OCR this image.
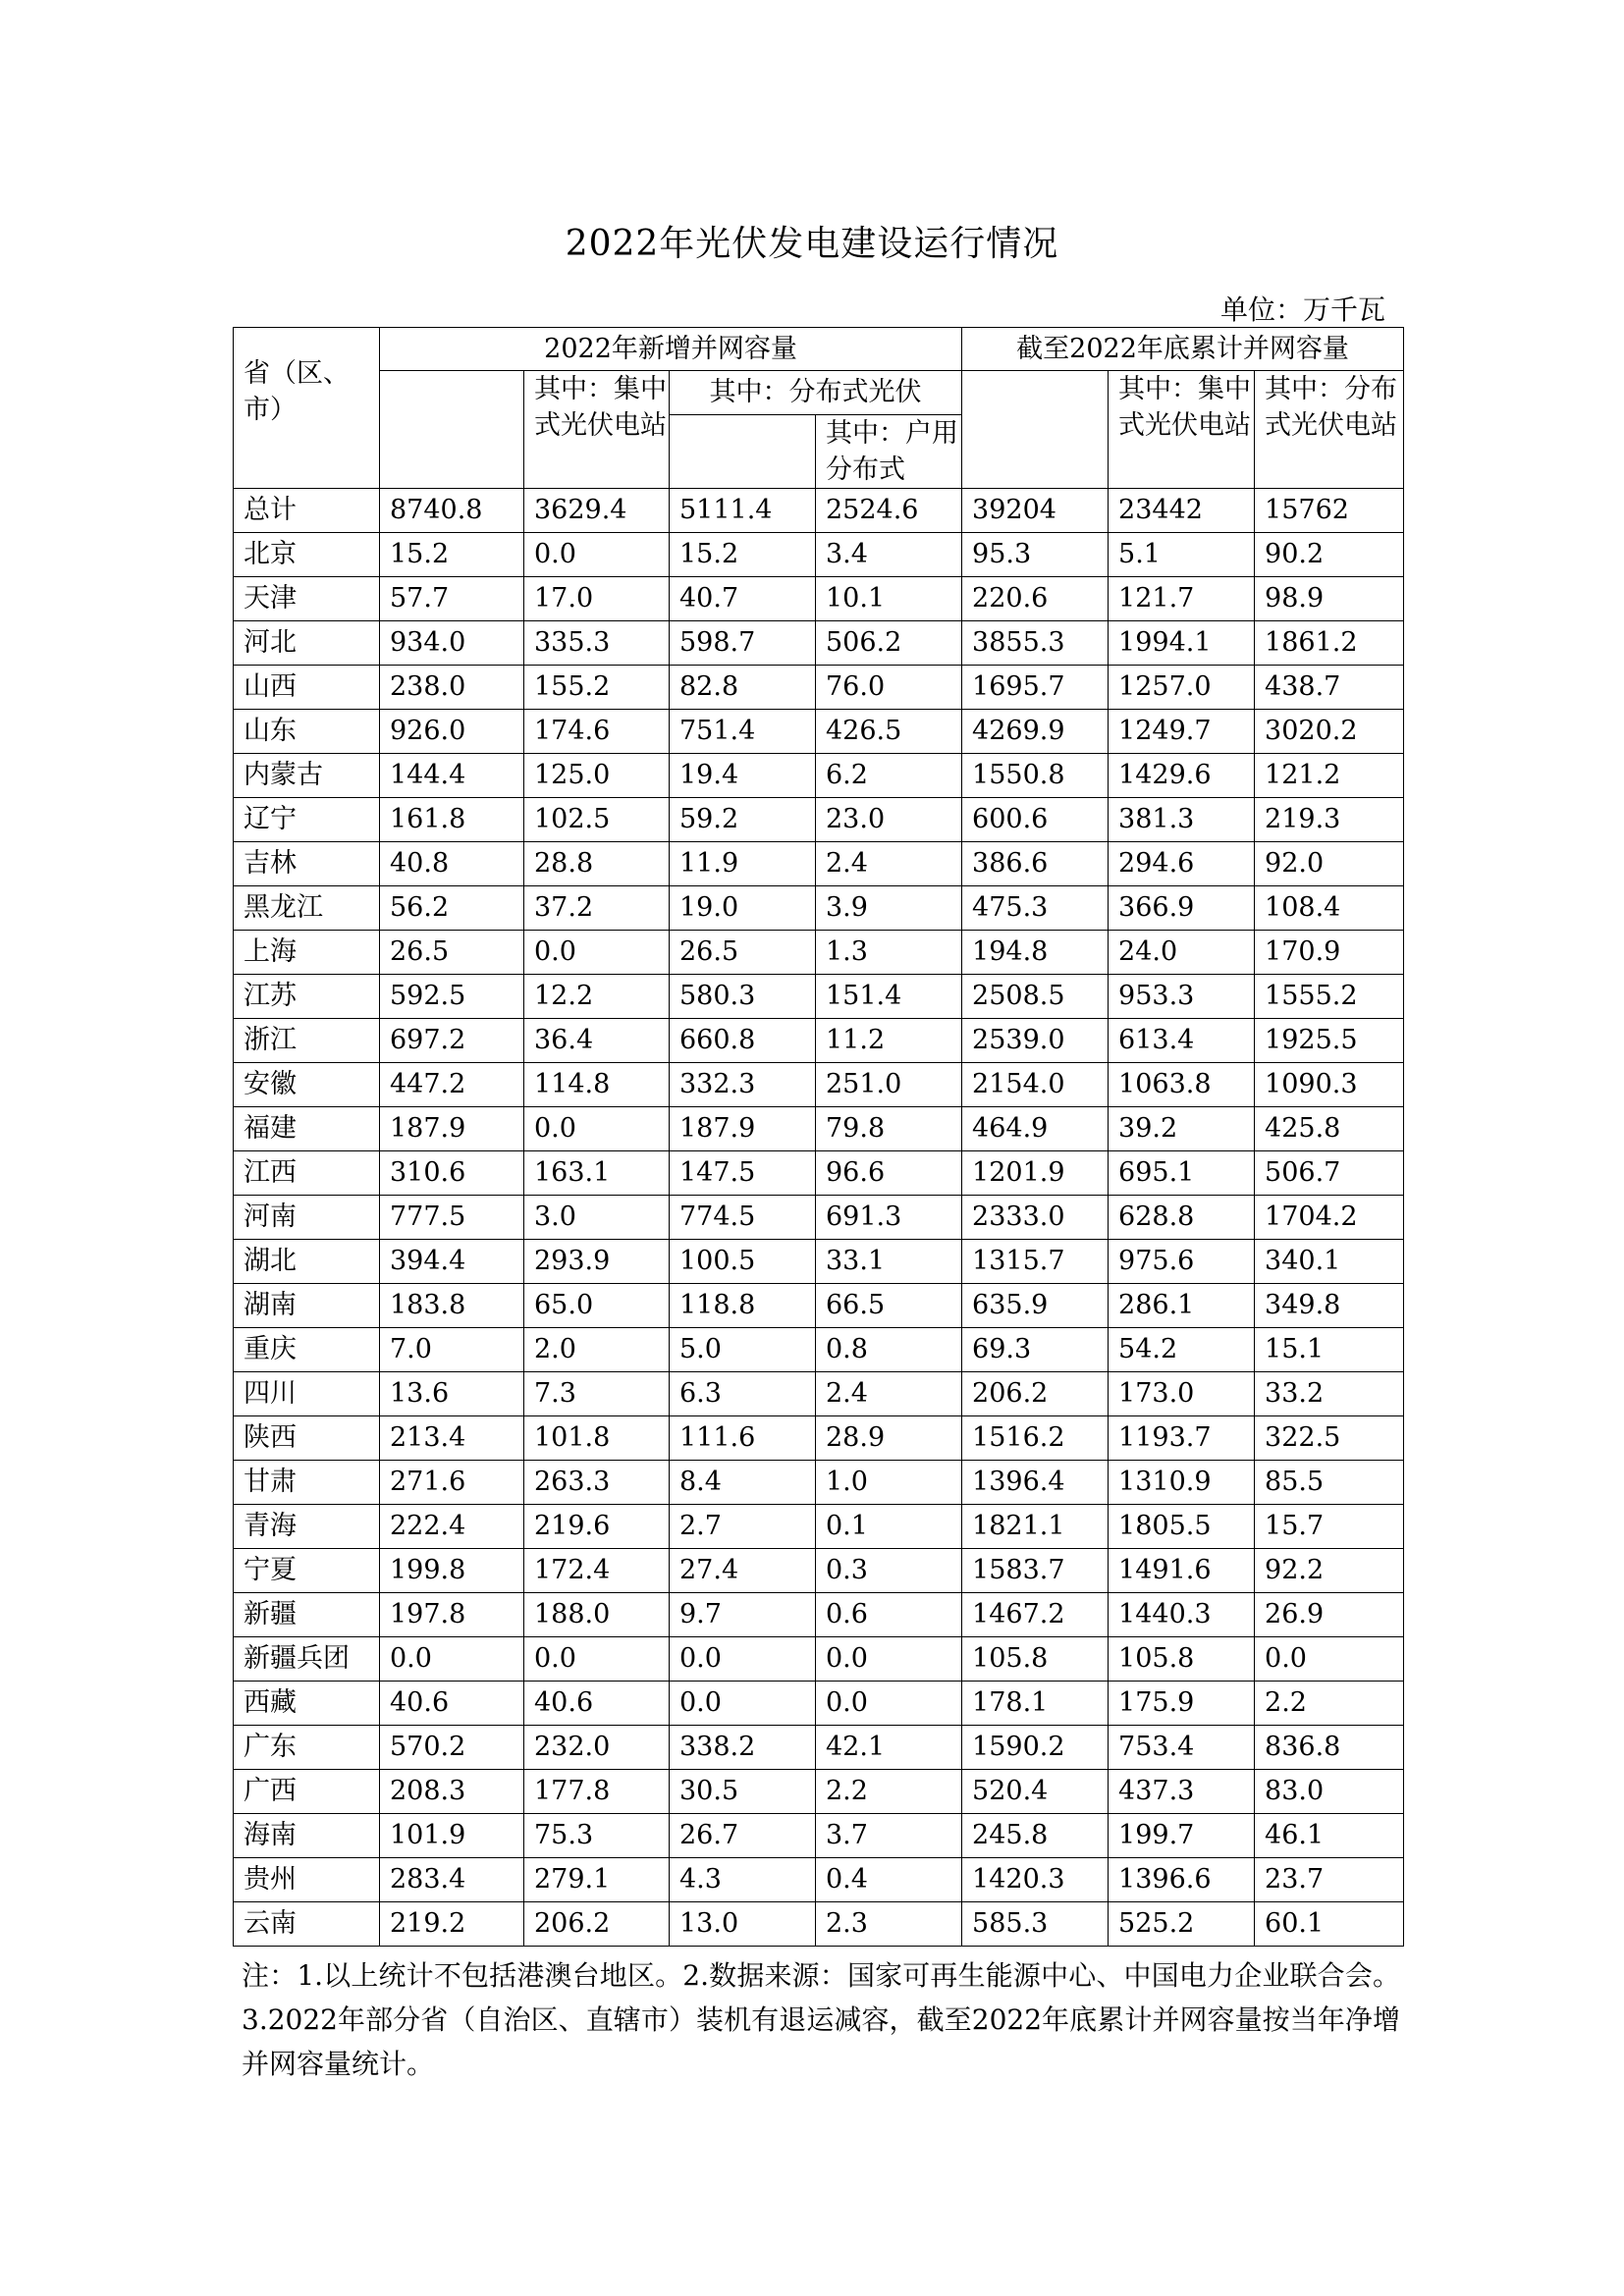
2022年光伏发电建设运行情况
单位：万千瓦
省（区、市）	2022年新增并网容量				截至2022年底累计并网容量		
		其中：集中式光伏电站	其中：分布式光伏			其中：集中式光伏电站	其中：分布式光伏电站
				其中：户用分布式			
总计	8740.8	3629.4	5111.4	2524.6	39204	23442	15762
北京	15.2	0.0	15.2	3.4	95.3	5.1	90.2
天津	57.7	17.0	40.7	10.1	220.6	121.7	98.9
河北	934.0	335.3	598.7	506.2	3855.3	1994.1	1861.2
山西	238.0	155.2	82.8	76.0	1695.7	1257.0	438.7
山东	926.0	174.6	751.4	426.5	4269.9	1249.7	3020.2
内蒙古	144.4	125.0	19.4	6.2	1550.8	1429.6	121.2
辽宁	161.8	102.5	59.2	23.0	600.6	381.3	219.3
吉林	40.8	28.8	11.9	2.4	386.6	294.6	92.0
黑龙江	56.2	37.2	19.0	3.9	475.3	366.9	108.4
上海	26.5	0.0	26.5	1.3	194.8	24.0	170.9
江苏	592.5	12.2	580.3	151.4	2508.5	953.3	1555.2
浙江	697.2	36.4	660.8	11.2	2539.0	613.4	1925.5
安徽	447.2	114.8	332.3	251.0	2154.0	1063.8	1090.3
福建	187.9	0.0	187.9	79.8	464.9	39.2	425.8
江西	310.6	163.1	147.5	96.6	1201.9	695.1	506.7
河南	777.5	3.0	774.5	691.3	2333.0	628.8	1704.2
湖北	394.4	293.9	100.5	33.1	1315.7	975.6	340.1
湖南	183.8	65.0	118.8	66.5	635.9	286.1	349.8
重庆	7.0	2.0	5.0	0.8	69.3	54.2	15.1
四川	13.6	7.3	6.3	2.4	206.2	173.0	33.2
陕西	213.4	101.8	111.6	28.9	1516.2	1193.7	322.5
甘肃	271.6	263.3	8.4	1.0	1396.4	1310.9	85.5
青海	222.4	219.6	2.7	0.1	1821.1	1805.5	15.7
宁夏	199.8	172.4	27.4	0.3	1583.7	1491.6	92.2
新疆	197.8	188.0	9.7	0.6	1467.2	1440.3	26.9
新疆兵团	0.0	0.0	0.0	0.0	105.8	105.8	0.0
西藏	40.6	40.6	0.0	0.0	178.1	175.9	2.2
广东	570.2	232.0	338.2	42.1	1590.2	753.4	836.8
广西	208.3	177.8	30.5	2.2	520.4	437.3	83.0
海南	101.9	75.3	26.7	3.7	245.8	199.7	46.1
贵州	283.4	279.1	4.3	0.4	1420.3	1396.6	23.7
云南	219.2	206.2	13.0	2.3	585.3	525.2	60.1
注：1.以上统计不包括港澳台地区。2.数据来源：国家可再生能源中心、中国电力企业联合会。3.2022年部分省（自治区、直辖市）装机有退运减容，截至2022年底累计并网容量按当年净增并网容量统计。
